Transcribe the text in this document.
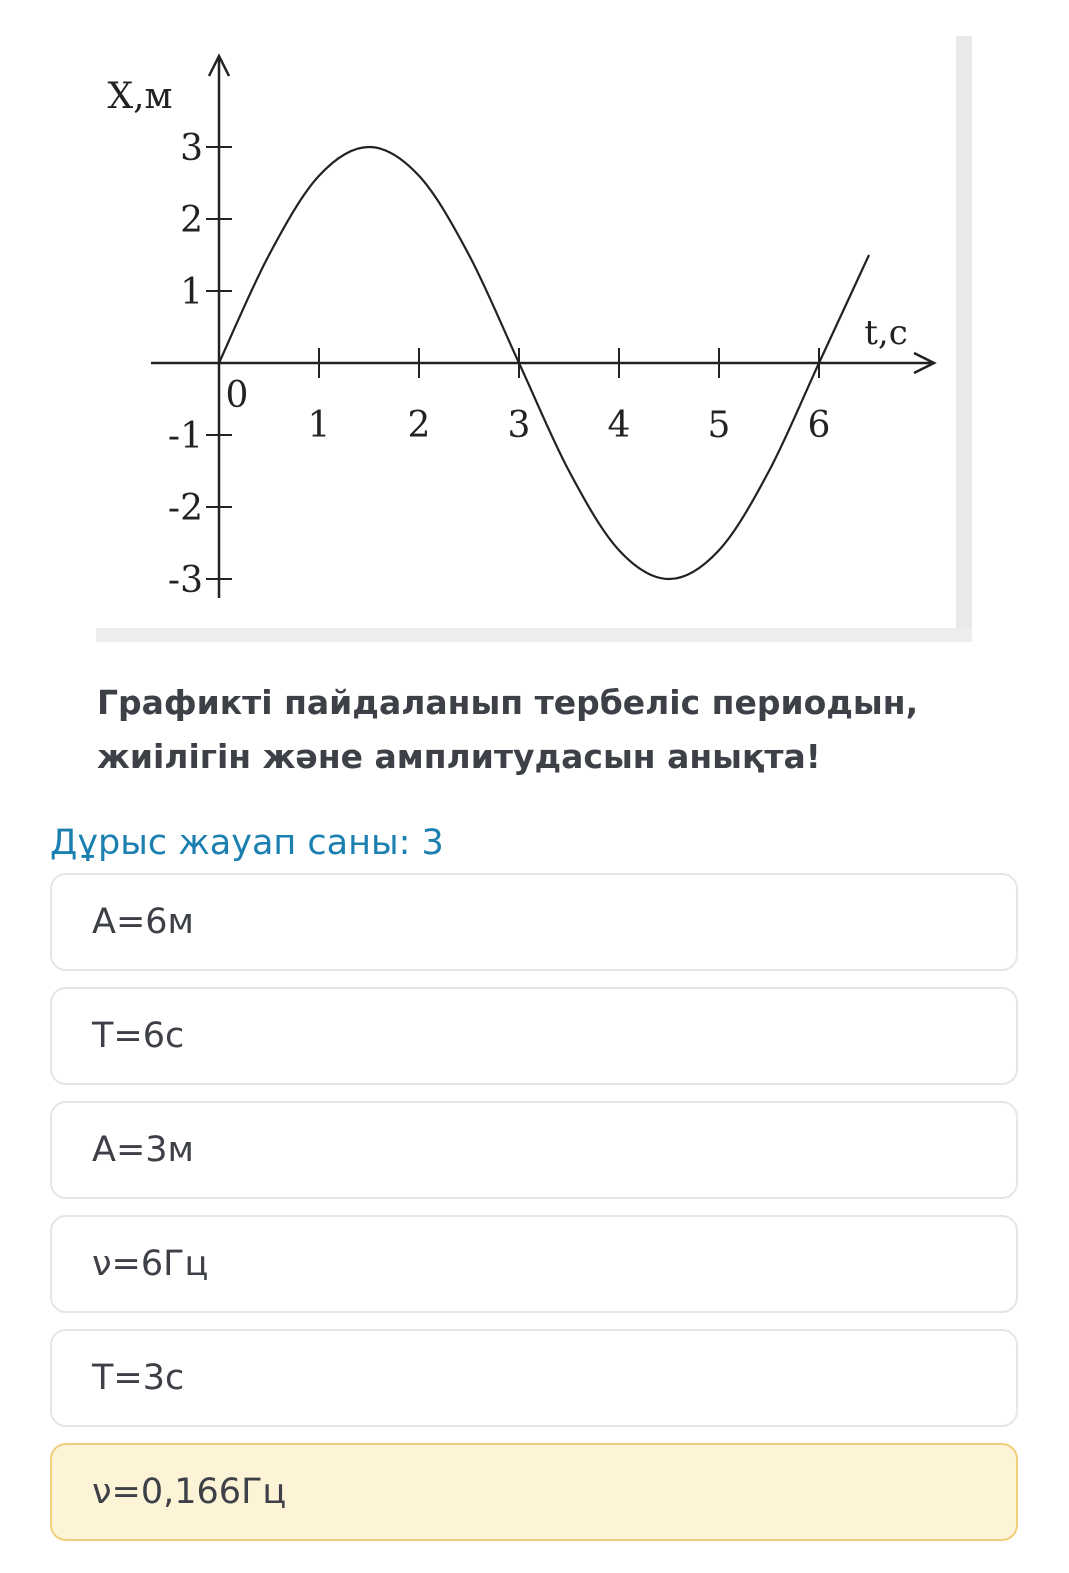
1 2 3 4 5 6
3
2
1
-1
-2
-3
0
t,с
X,м

Графикті пайдаланып тербеліс периодын,
жиілігін және амплитудасын анықта!

Дұрыс жауап саны: 3

A=6м
T=6c
A=3м
ν=6Гц
T=3c
ν=0,166Гц
